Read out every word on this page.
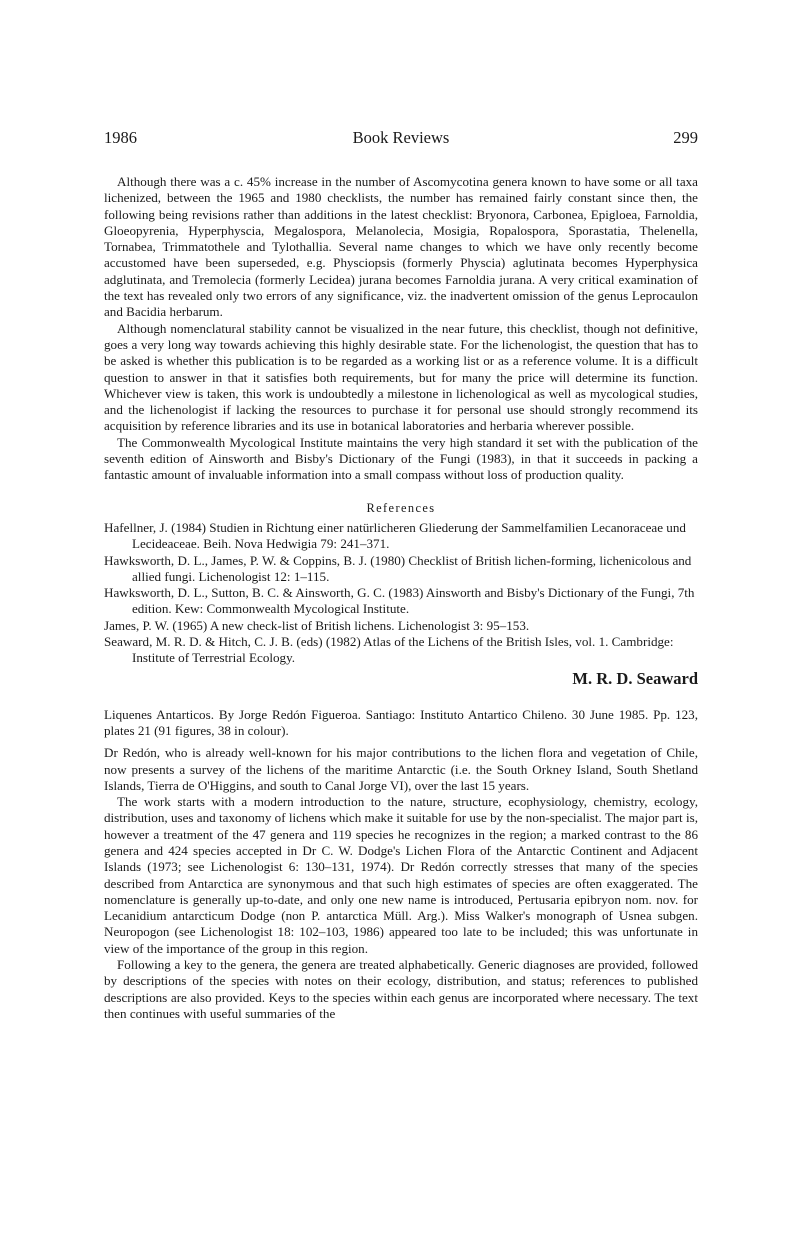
1986	Book Reviews	299

Although there was a c. 45% increase in the number of Ascomycotina genera known to have some or all taxa lichenized, between the 1965 and 1980 checklists, the number has remained fairly constant since then, the following being revisions rather than additions in the latest checklist: Bryonora, Carbonea, Epigloea, Farnoldia, Gloeopyrenia, Hyperphyscia, Megalospora, Melanolecia, Mosigia, Ropalospora, Sporastatia, Thelenella, Tornabea, Trimmatothele and Tylothallia. Several name changes to which we have only recently become accustomed have been superseded, e.g. Physciopsis (formerly Physcia) aglutinata becomes Hyperphysica adglutinata, and Tremolecia (formerly Lecidea) jurana becomes Farnoldia jurana. A very critical examination of the text has revealed only two errors of any significance, viz. the inadvertent omission of the genus Leprocaulon and Bacidia herbarum.

Although nomenclatural stability cannot be visualized in the near future, this checklist, though not definitive, goes a very long way towards achieving this highly desirable state. For the lichenologist, the question that has to be asked is whether this publication is to be regarded as a working list or as a reference volume. It is a difficult question to answer in that it satisfies both requirements, but for many the price will determine its function. Whichever view is taken, this work is undoubtedly a milestone in lichenological as well as mycological studies, and the lichenologist if lacking the resources to purchase it for personal use should strongly recommend its acquisition by reference libraries and its use in botanical laboratories and herbaria wherever possible.

The Commonwealth Mycological Institute maintains the very high standard it set with the publication of the seventh edition of Ainsworth and Bisby's Dictionary of the Fungi (1983), in that it succeeds in packing a fantastic amount of invaluable information into a small compass without loss of production quality.

References

Hafellner, J. (1984) Studien in Richtung einer natürlicheren Gliederung der Sammelfamilien Lecanoraceae und Lecideaceae. Beih. Nova Hedwigia 79: 241–371.

Hawksworth, D. L., James, P. W. & Coppins, B. J. (1980) Checklist of British lichen-forming, lichenicolous and allied fungi. Lichenologist 12: 1–115.

Hawksworth, D. L., Sutton, B. C. & Ainsworth, G. C. (1983) Ainsworth and Bisby's Dictionary of the Fungi, 7th edition. Kew: Commonwealth Mycological Institute.

James, P. W. (1965) A new check-list of British lichens. Lichenologist 3: 95–153.

Seaward, M. R. D. & Hitch, C. J. B. (eds) (1982) Atlas of the Lichens of the British Isles, vol. 1. Cambridge: Institute of Terrestrial Ecology.

M. R. D. Seaward

Liquenes Antarticos. By Jorge Redón Figueroa. Santiago: Instituto Antartico Chileno. 30 June 1985. Pp. 123, plates 21 (91 figures, 38 in colour).

Dr Redón, who is already well-known for his major contributions to the lichen flora and vegetation of Chile, now presents a survey of the lichens of the maritime Antarctic (i.e. the South Orkney Island, South Shetland Islands, Tierra de O'Higgins, and south to Canal Jorge VI), over the last 15 years.

The work starts with a modern introduction to the nature, structure, ecophysiology, chemistry, ecology, distribution, uses and taxonomy of lichens which make it suitable for use by the non-specialist. The major part is, however a treatment of the 47 genera and 119 species he recognizes in the region; a marked contrast to the 86 genera and 424 species accepted in Dr C. W. Dodge's Lichen Flora of the Antarctic Continent and Adjacent Islands (1973; see Lichenologist 6: 130–131, 1974). Dr Redón correctly stresses that many of the species described from Antarctica are synonymous and that such high estimates of species are often exaggerated. The nomenclature is generally up-to-date, and only one new name is introduced, Pertusaria epibryon nom. nov. for Lecanidium antarcticum Dodge (non P. antarctica Müll. Arg.). Miss Walker's monograph of Usnea subgen. Neuropogon (see Lichenologist 18: 102–103, 1986) appeared too late to be included; this was unfortunate in view of the importance of the group in this region.

Following a key to the genera, the genera are treated alphabetically. Generic diagnoses are provided, followed by descriptions of the species with notes on their ecology, distribution, and status; references to published descriptions are also provided. Keys to the species within each genus are incorporated where necessary. The text then continues with useful summaries of the
